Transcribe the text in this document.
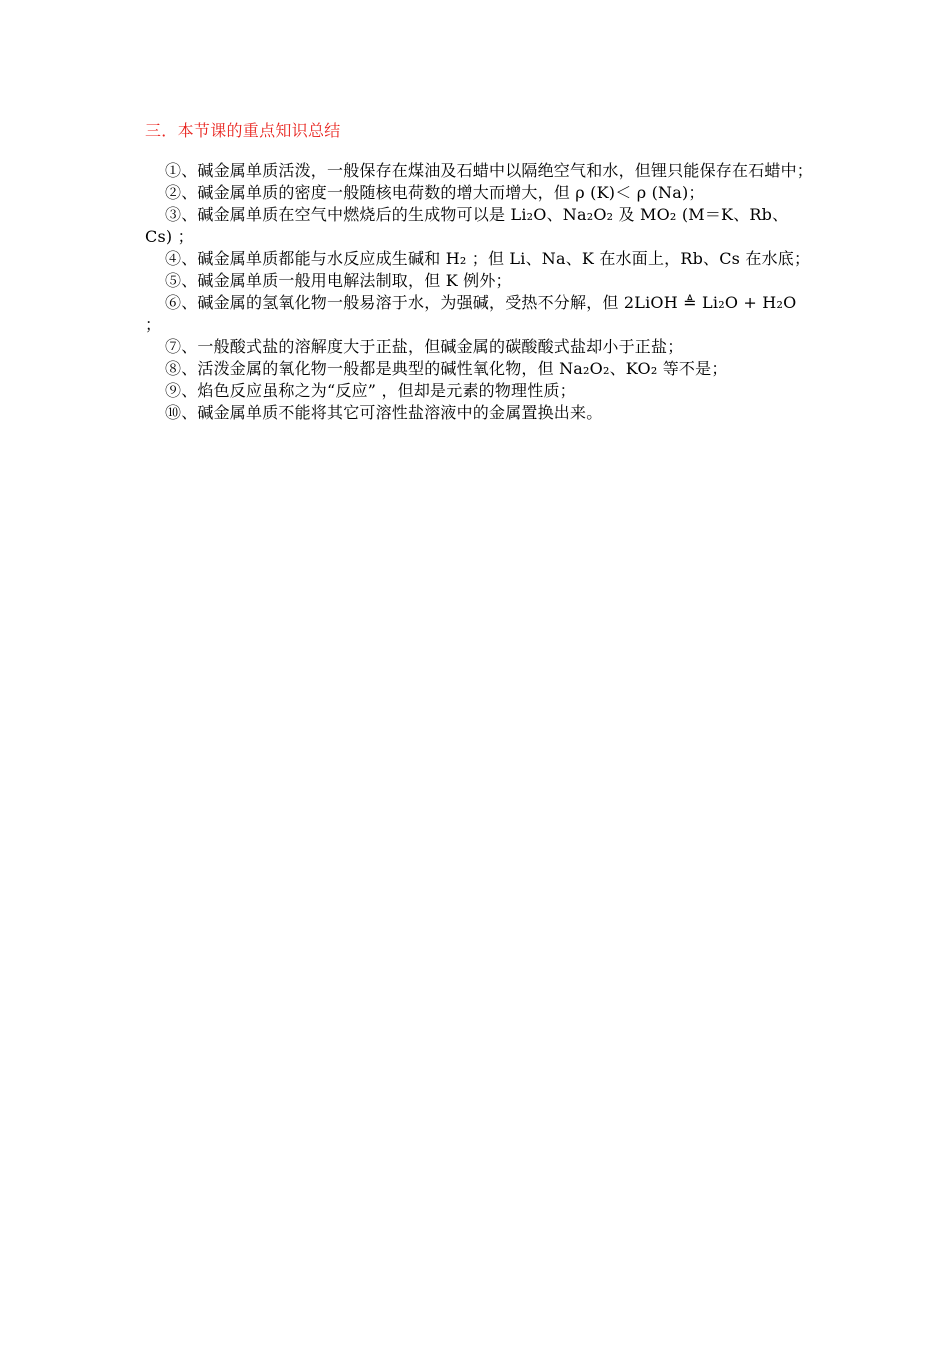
三．本节课的重点知识总结

①、碱金属单质活泼，一般保存在煤油及石蜡中以隔绝空气和水，但锂只能保存在石蜡中；

②、碱金属单质的密度一般随核电荷数的增大而增大，但 ρ (K)＜ ρ (Na)；

③、碱金属单质在空气中燃烧后的生成物可以是 Li₂O、Na₂O₂ 及 MO₂ (M＝K、Rb、Cs) ；

④、碱金属单质都能与水反应成生碱和 H₂ ；但 Li、Na、K 在水面上，Rb、Cs 在水底；

⑤、碱金属单质一般用电解法制取，但 K 例外；

⑥、碱金属的氢氧化物一般易溶于水，为强碱，受热不分解，但 2LiOH ≜ Li₂O + H₂O ；

⑦、一般酸式盐的溶解度大于正盐，但碱金属的碳酸酸式盐却小于正盐；

⑧、活泼金属的氧化物一般都是典型的碱性氧化物，但 Na₂O₂、KO₂ 等不是；

⑨、焰色反应虽称之为“反应” ，但却是元素的物理性质；

⑩、碱金属单质不能将其它可溶性盐溶液中的金属置换出来。
